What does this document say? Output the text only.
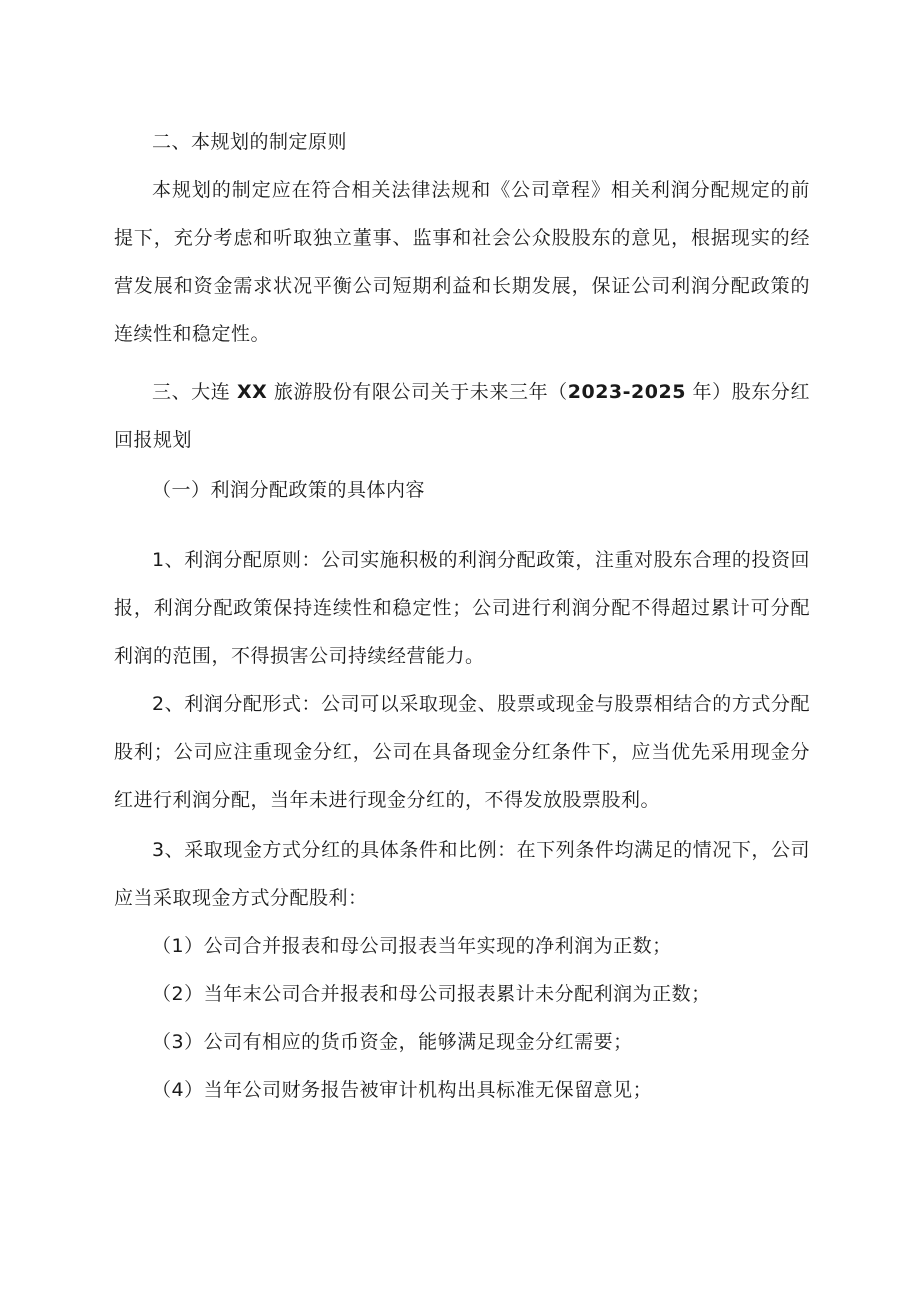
二、本规划的制定原则

本规划的制定应在符合相关法律法规和《公司章程》相关利润分配规定的前提下，充分考虑和听取独立董事、监事和社会公众股股东的意见，根据现实的经营发展和资金需求状况平衡公司短期利益和长期发展，保证公司利润分配政策的连续性和稳定性。

三、大连 XX 旅游股份有限公司关于未来三年（2023-2025 年）股东分红回报规划

（一）利润分配政策的具体内容

1、利润分配原则：公司实施积极的利润分配政策，注重对股东合理的投资回报，利润分配政策保持连续性和稳定性；公司进行利润分配不得超过累计可分配利润的范围，不得损害公司持续经营能力。

2、利润分配形式：公司可以采取现金、股票或现金与股票相结合的方式分配股利；公司应注重现金分红，公司在具备现金分红条件下，应当优先采用现金分红进行利润分配，当年未进行现金分红的，不得发放股票股利。

3、采取现金方式分红的具体条件和比例：在下列条件均满足的情况下，公司应当采取现金方式分配股利：

（1）公司合并报表和母公司报表当年实现的净利润为正数；

（2）当年末公司合并报表和母公司报表累计未分配利润为正数；

（3）公司有相应的货币资金，能够满足现金分红需要；

（4）当年公司财务报告被审计机构出具标准无保留意见；
